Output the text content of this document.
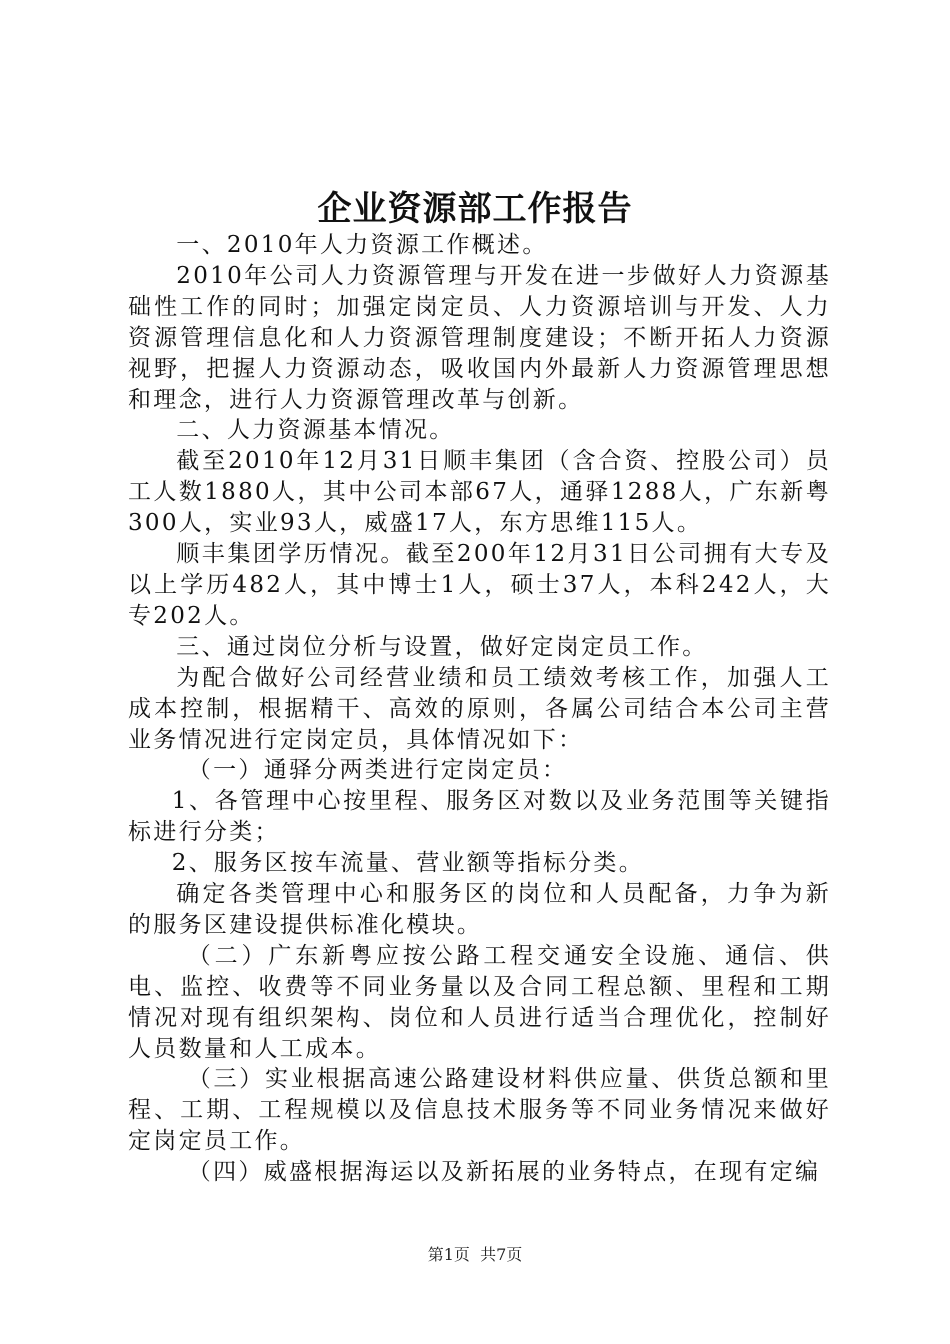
企业资源部工作报告

一、2010年人力资源工作概述。

2010年公司人力资源管理与开发在进一步做好人力资源基础性工作的同时；加强定岗定员、人力资源培训与开发、人力资源管理信息化和人力资源管理制度建设；不断开拓人力资源视野，把握人力资源动态，吸收国内外最新人力资源管理思想和理念，进行人力资源管理改革与创新。

二、人力资源基本情况。

截至2010年12月31日顺丰集团（含合资、控股公司）员工人数1880人，其中公司本部67人，通驿1288人，广东新粤300人，实业93人，威盛17人，东方思维115人。

顺丰集团学历情况。截至200年12月31日公司拥有大专及以上学历482人，其中博士1人，硕士37人，本科242人，大专202人。

三、通过岗位分析与设置，做好定岗定员工作。

为配合做好公司经营业绩和员工绩效考核工作，加强人工成本控制，根据精干、高效的原则，各属公司结合本公司主营业务情况进行定岗定员，具体情况如下：

（一）通驿分两类进行定岗定员：

1、各管理中心按里程、服务区对数以及业务范围等关键指标进行分类；

2、服务区按车流量、营业额等指标分类。

确定各类管理中心和服务区的岗位和人员配备，力争为新的服务区建设提供标准化模块。

（二）广东新粤应按公路工程交通安全设施、通信、供电、监控、收费等不同业务量以及合同工程总额、里程和工期情况对现有组织架构、岗位和人员进行适当合理优化，控制好人员数量和人工成本。

（三）实业根据高速公路建设材料供应量、供货总额和里程、工期、工程规模以及信息技术服务等不同业务情况来做好定岗定员工作。

（四）威盛根据海运以及新拓展的业务特点，在现有定编

第1页  共7页
